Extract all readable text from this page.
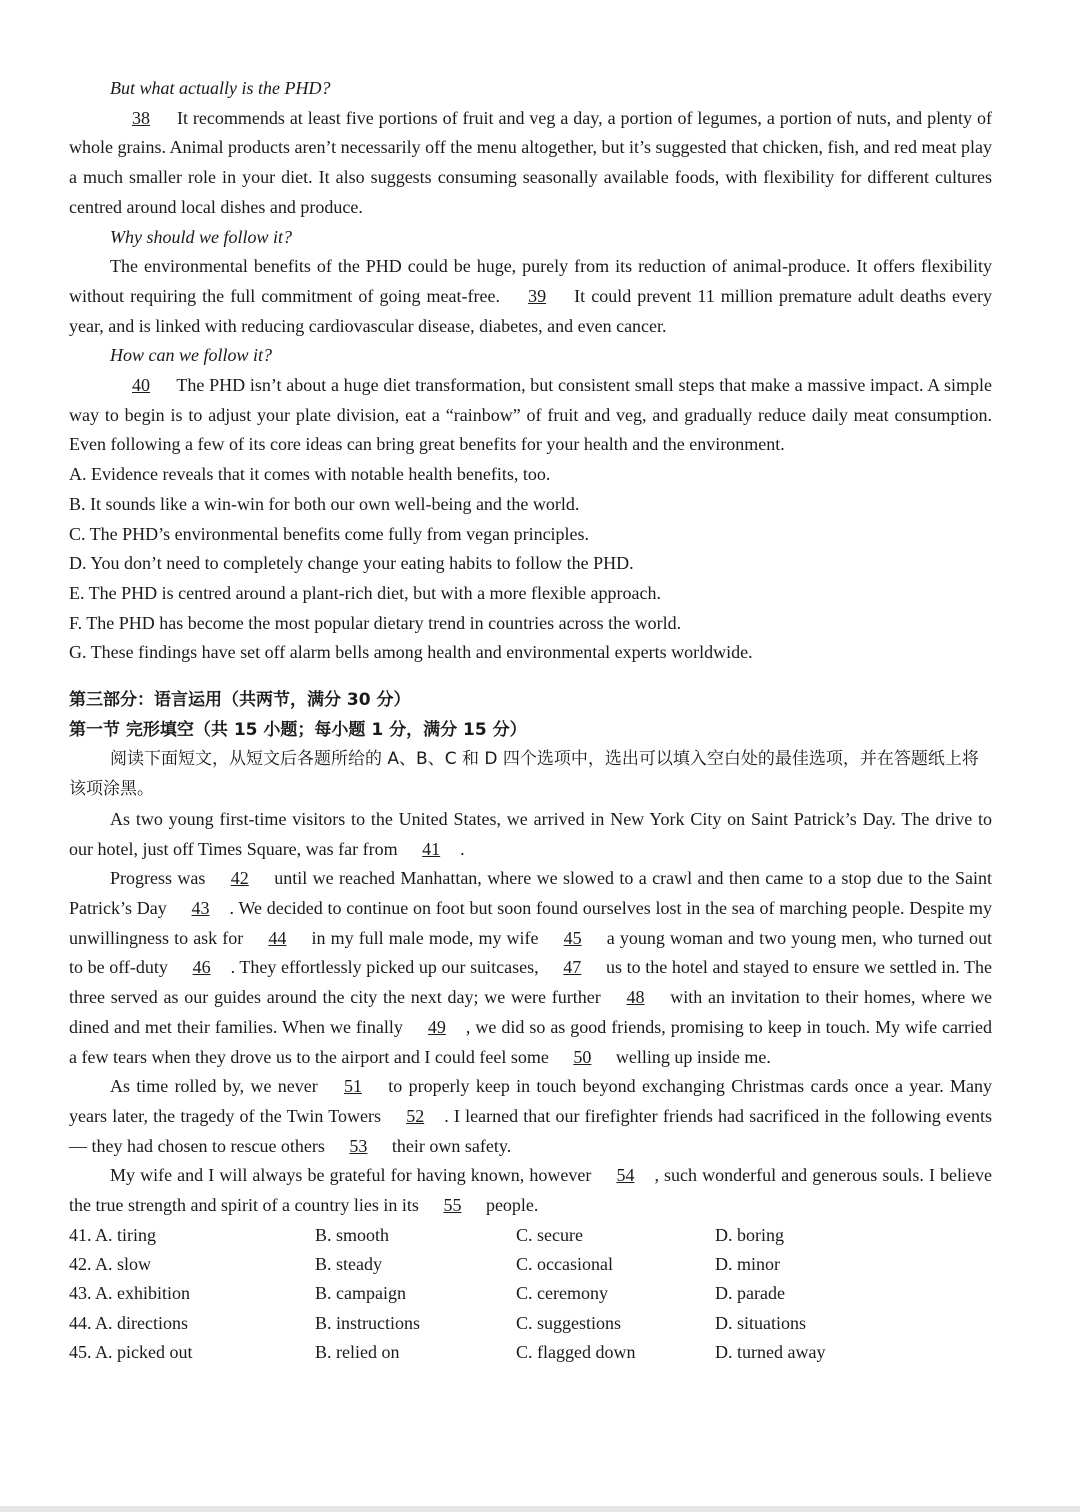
But what actually is the PHD?

38 It recommends at least five portions of fruit and veg a day, a portion of legumes, a portion of nuts, and plenty of whole grains. Animal products aren’t necessarily off the menu altogether, but it’s suggested that chicken, fish, and red meat play a much smaller role in your diet. It also suggests consuming seasonally available foods, with flexibility for different cultures centred around local dishes and produce.

Why should we follow it?

The environmental benefits of the PHD could be huge, purely from its reduction of animal-produce. It offers flexibility without requiring the full commitment of going meat-free. 39 It could prevent 11 million premature adult deaths every year, and is linked with reducing cardiovascular disease, diabetes, and even cancer.

How can we follow it?

40 The PHD isn’t about a huge diet transformation, but consistent small steps that make a massive impact. A simple way to begin is to adjust your plate division, eat a “rainbow” of fruit and veg, and gradually reduce daily meat consumption. Even following a few of its core ideas can bring great benefits for your health and the environment.

A. Evidence reveals that it comes with notable health benefits, too.

B. It sounds like a win-win for both our own well-being and the world.

C. The PHD’s environmental benefits come fully from vegan principles.

D. You don’t need to completely change your eating habits to follow the PHD.

E. The PHD is centred around a plant-rich diet, but with a more flexible approach.

F. The PHD has become the most popular dietary trend in countries across the world.

G. These findings have set off alarm bells among health and environmental experts worldwide.

第三部分：语言运用（共两节，满分 30 分）

第一节 完形填空（共 15 小题；每小题 1 分，满分 15 分）

阅读下面短文，从短文后各题所给的 A、B、C 和 D 四个选项中，选出可以填入空白处的最佳选项，并在答题纸上将该项涂黑。

As two young first-time visitors to the United States, we arrived in New York City on Saint Patrick’s Day. The drive to our hotel, just off Times Square, was far from 41 .

Progress was 42 until we reached Manhattan, where we slowed to a crawl and then came to a stop due to the Saint Patrick’s Day 43 . We decided to continue on foot but soon found ourselves lost in the sea of marching people. Despite my unwillingness to ask for 44 in my full male mode, my wife 45 a young woman and two young men, who turned out to be off-duty 46 . They effortlessly picked up our suitcases, 47 us to the hotel and stayed to ensure we settled in. The three served as our guides around the city the next day; we were further 48 with an invitation to their homes, where we dined and met their families. When we finally 49 , we did so as good friends, promising to keep in touch. My wife carried a few tears when they drove us to the airport and I could feel some 50 welling up inside me.

As time rolled by, we never 51 to properly keep in touch beyond exchanging Christmas cards once a year. Many years later, the tragedy of the Twin Towers 52 . I learned that our firefighter friends had sacrificed in the following events — they had chosen to rescue others 53 their own safety.

My wife and I will always be grateful for having known, however 54 , such wonderful and generous souls. I believe the true strength and spirit of a country lies in its 55 people.

41. A. tiring	B. smooth	C. secure	D. boring
42. A. slow	B. steady	C. occasional	D. minor
43. A. exhibition	B. campaign	C. ceremony	D. parade
44. A. directions	B. instructions	C. suggestions	D. situations
45. A. picked out	B. relied on	C. flagged down	D. turned away
